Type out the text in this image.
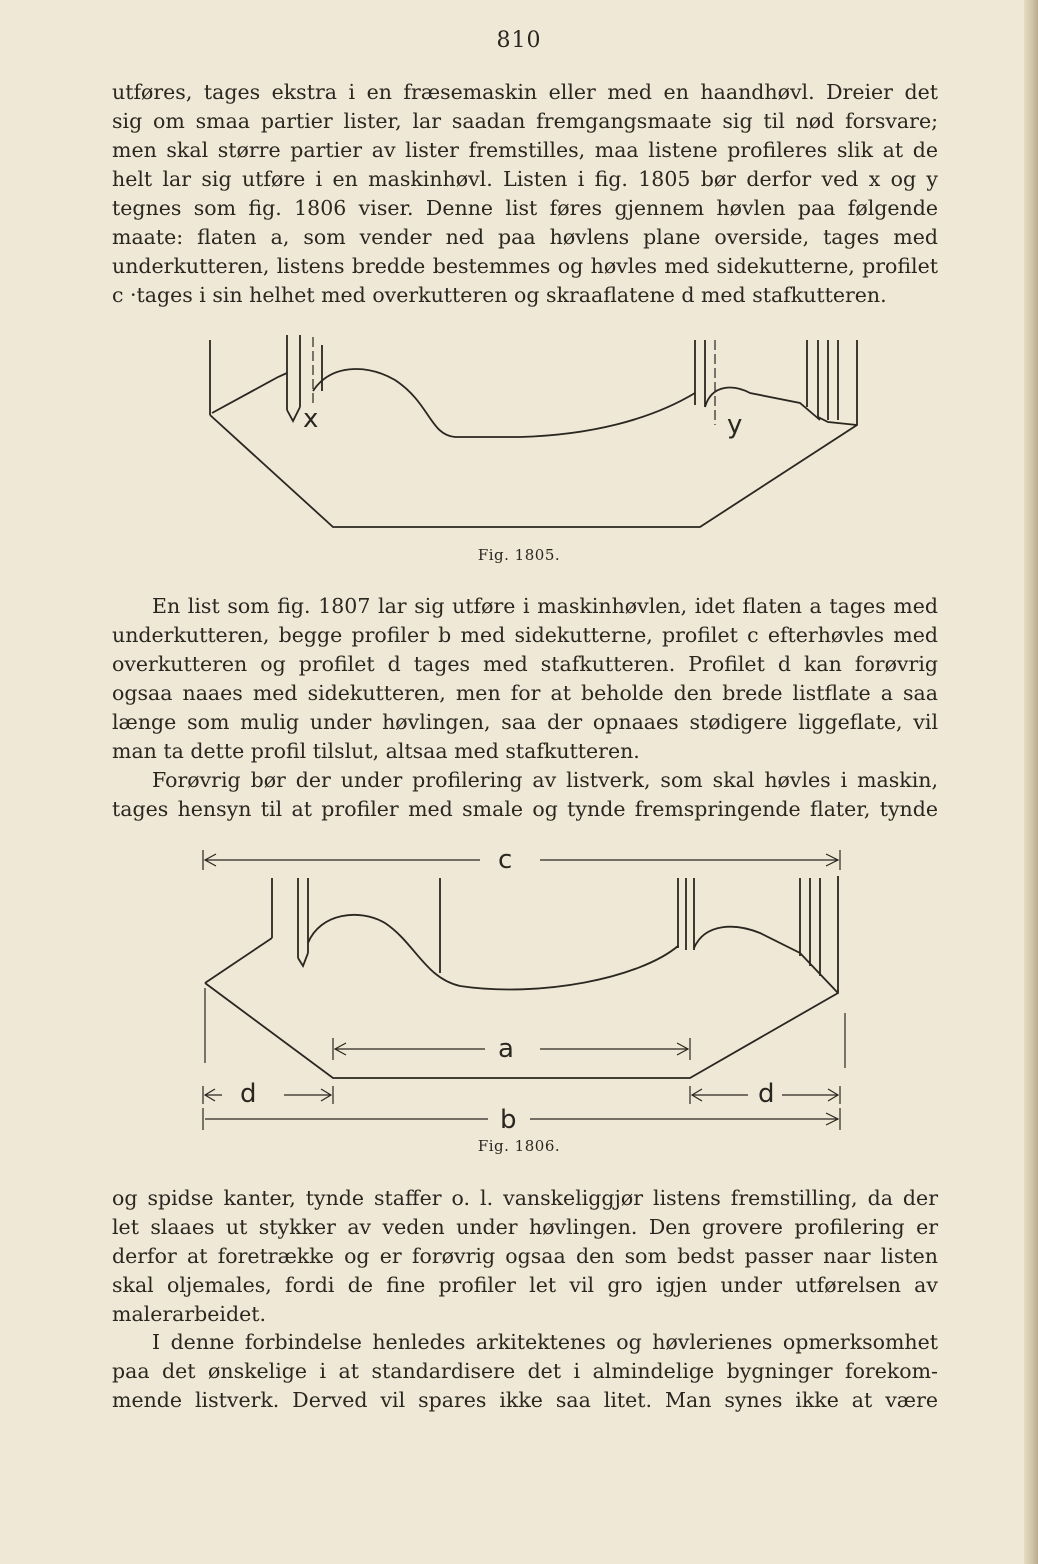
810
utføres, tages ekstra i en fræsemaskin eller med en haandhøvl. Dreier det
sig om smaa partier lister, lar saadan fremgangsmaate sig til nød forsvare;
men skal større partier av lister fremstilles, maa listene profileres slik at de
helt lar sig utføre i en maskinhøvl. Listen i fig. 1805 bør derfor ved x og y
tegnes som fig. 1806 viser. Denne list føres gjennem høvlen paa følgende
maate: flaten a, som vender ned paa høvlens plane overside, tages med
underkutteren, listens bredde bestemmes og høvles med sidekutterne, profilet
c ·tages i sin helhet med overkutteren og skraaflatene d med stafkutteren.
x	y
Fig. 1805.
En list som fig. 1807 lar sig utføre i maskinhøvlen, idet flaten a tages med
underkutteren, begge profiler b med sidekutterne, profilet c efterhøvles med
overkutteren og profilet d tages med stafkutteren. Profilet d kan forøvrig
ogsaa naaes med sidekutteren, men for at beholde den brede listflate a saa
længe som mulig under høvlingen, saa der opnaaes stødigere liggeflate, vil
man ta dette profil tilslut, altsaa med stafkutteren.
Forøvrig bør der under profilering av listverk, som skal høvles i maskin,
tages hensyn til at profiler med smale og tynde fremspringende flater, tynde
c
a
d	d
b
Fig. 1806.
og spidse kanter, tynde staffer o. l. vanskeliggjør listens fremstilling, da der
let slaaes ut stykker av veden under høvlingen. Den grovere profilering er
derfor at foretrække og er forøvrig ogsaa den som bedst passer naar listen
skal oljemales, fordi de fine profiler let vil gro igjen under utførelsen av
malerarbeidet.
I denne forbindelse henledes arkitektenes og høvlerienes opmerksomhet
paa det ønskelige i at standardisere det i almindelige bygninger forekom-
mende listverk. Derved vil spares ikke saa litet. Man synes ikke at være
